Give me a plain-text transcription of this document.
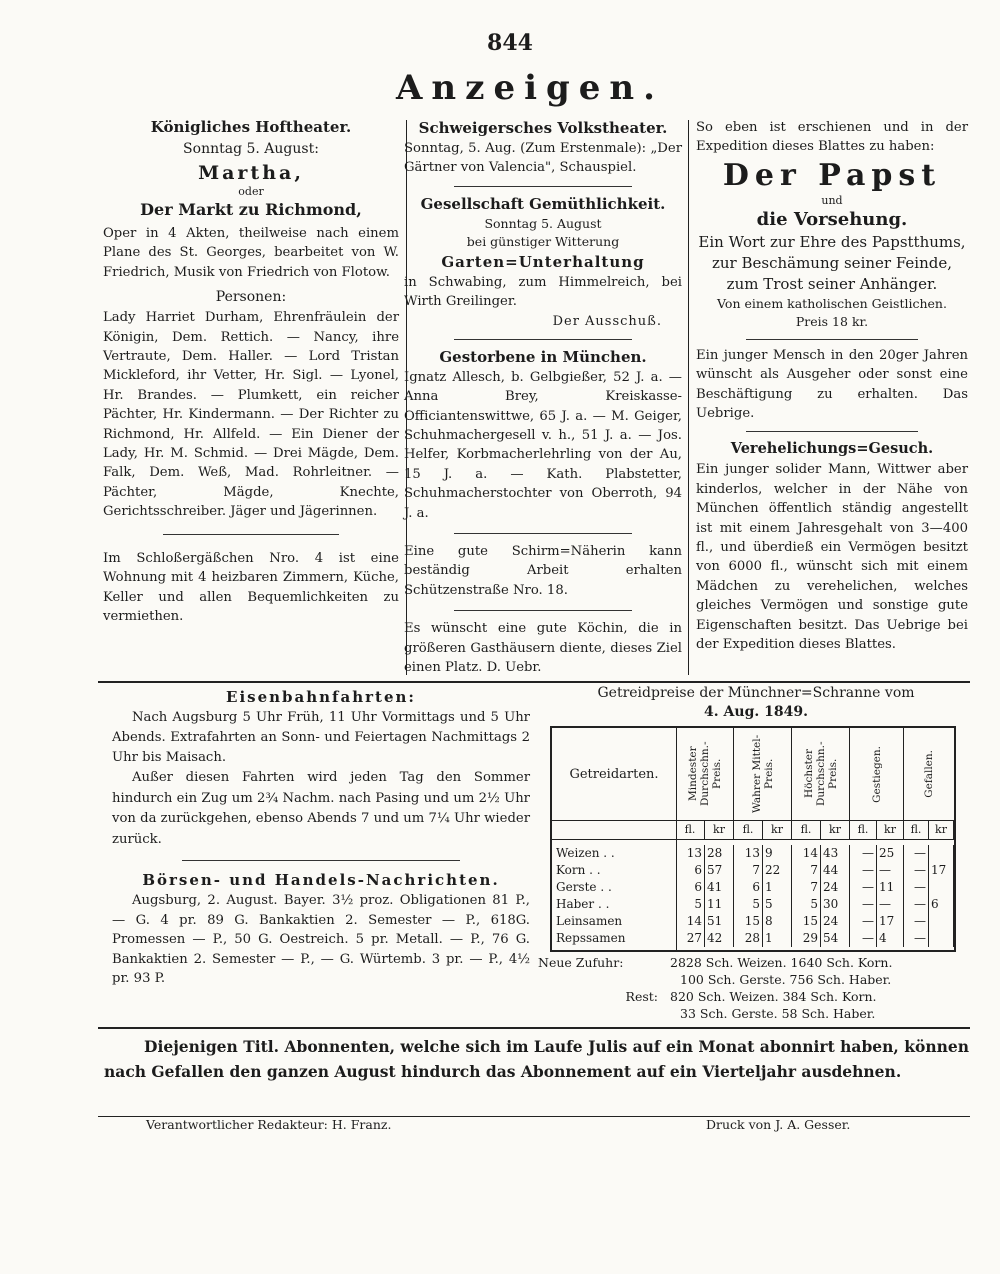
844
Anzeigen.
Königliches Hoftheater.
Sonntag 5. August:
Martha,
oder
Der Markt zu Richmond,

Oper in 4 Akten, theilweise nach einem Plane des St. Georges, bearbeitet von W. Friedrich, Musik von Friedrich von Flotow.

Personen:

Lady Harriet Durham, Ehrenfräulein der Königin, Dem. Rettich. — Nancy, ihre Vertraute, Dem. Haller. — Lord Tristan Mickleford, ihr Vetter, Hr. Sigl. — Lyonel, Hr. Brandes. — Plumkett, ein reicher Pächter, Hr. Kindermann. — Der Richter zu Richmond, Hr. Allfeld. — Ein Diener der Lady, Hr. M. Schmid. — Drei Mägde, Dem. Falk, Dem. Weß, Mad. Rohrleitner. — Pächter, Mägde, Knechte, Gerichtsschreiber. Jäger und Jägerinnen.

Im Schloßergäßchen Nro. 4 ist eine Wohnung mit 4 heizbaren Zimmern, Küche, Keller und allen Bequemlichkeiten zu vermiethen.

Schweigersches Volkstheater.

Sonntag, 5. Aug. (Zum Erstenmale): „Der Gärtner von Valencia", Schauspiel.

Gesellschaft Gemüthlichkeit.
Sonntag 5. August
bei günstiger Witterung
Garten=Unterhaltung

in Schwabing, zum Himmelreich, bei Wirth Greilinger.

Der Ausschuß.
Gestorbene in München.

Ignatz Allesch, b. Gelbgießer, 52 J. a. — Anna Brey, Kreiskasse-Officiantenswittwe, 65 J. a. — M. Geiger, Schuhmachergesell v. h., 51 J. a. — Jos. Helfer, Korbmacherlehrling von der Au, 15 J. a. — Kath. Plabstetter, Schuhmacherstochter von Oberroth, 94 J. a.

Eine gute Schirm=Näherin kann beständig Arbeit erhalten Schützenstraße Nro. 18.

Es wünscht eine gute Köchin, die in größeren Gasthäusern diente, dieses Ziel einen Platz. D. Uebr.

So eben ist erschienen und in der Expedition dieses Blattes zu haben:

Der Papst
und
die Vorsehung.

Ein Wort zur Ehre des Papstthums, zur Beschämung seiner Feinde, zum Trost seiner Anhänger.

Von einem katholischen Geistlichen.
Preis 18 kr.

Ein junger Mensch in den 20ger Jahren wünscht als Ausgeher oder sonst eine Beschäftigung zu erhalten. Das Uebrige.

Verehelichungs=Gesuch.

Ein junger solider Mann, Wittwer aber kinderlos, welcher in der Nähe von München öffentlich ständig angestellt ist mit einem Jahresgehalt von 3—400 fl., und überdieß ein Vermögen besitzt von 6000 fl., wünscht sich mit einem Mädchen zu verehelichen, welches gleiches Vermögen und sonstige gute Eigenschaften besitzt. Das Uebrige bei der Expedition dieses Blattes.

Eisenbahnfahrten:

Nach Augsburg 5 Uhr Früh, 11 Uhr Vormittags und 5 Uhr Abends. Extrafahrten an Sonn- und Feiertagen Nachmittags 2 Uhr bis Maisach.

Außer diesen Fahrten wird jeden Tag den Sommer hindurch ein Zug um 2¾ Nachm. nach Pasing und um 2½ Uhr von da zurückgehen, ebenso Abends 7 und um 7¼ Uhr wieder zurück.

Börsen- und Handels-Nachrichten.

Augsburg, 2. August. Bayer. 3½ proz. Obligationen 81 P., — G. 4 pr. 89 G. Bankaktien 2. Semester — P., 618G. Promessen — P., 50 G. Oestreich. 5 pr. Metall. — P., 76 G. Bankaktien 2. Semester — P., — G. Würtemb. 3 pr. — P., 4½ pr. 93 P.

Getreidpreise der Münchner=Schranne vom
4. Aug. 1849.
Getreidarten.	Mindester Durchschn.-Preis.	Wahrer Mittel-Preis.	Höchster Durchschn.-Preis.	Gestiegen.	Gefallen.
fl.	kr	fl.	kr	fl.	kr	fl.	kr	fl.	kr
Weizen . .	13 28	13 9	14 43	— 25	—
Korn . .	6 57	7 22	7 44	— —	— 17
Gerste . .	6 41	6 1	7 24	— 11	—
Haber . .	5 11	5 5	5 30	— —	— 6
Leinsamen	14 51	15 8	15 24	— 17	—
Repssamen	27 42	28 1	29 54	— 4	—
Neue Zufuhr:	2828 Sch. Weizen. 1640 Sch. Korn.
100 Sch. Gerste. 756 Sch. Haber.
Rest: 820 Sch. Weizen. 384 Sch. Korn.
33 Sch. Gerste. 58 Sch. Haber.

Diejenigen Titl. Abonnenten, welche sich im Laufe Julis auf ein Monat abonnirt haben, können nach Gefallen den ganzen August hindurch das Abonnement auf ein Vierteljahr ausdehnen.

Verantwortlicher Redakteur: H. Franz.	Druck von J. A. Gesser.
